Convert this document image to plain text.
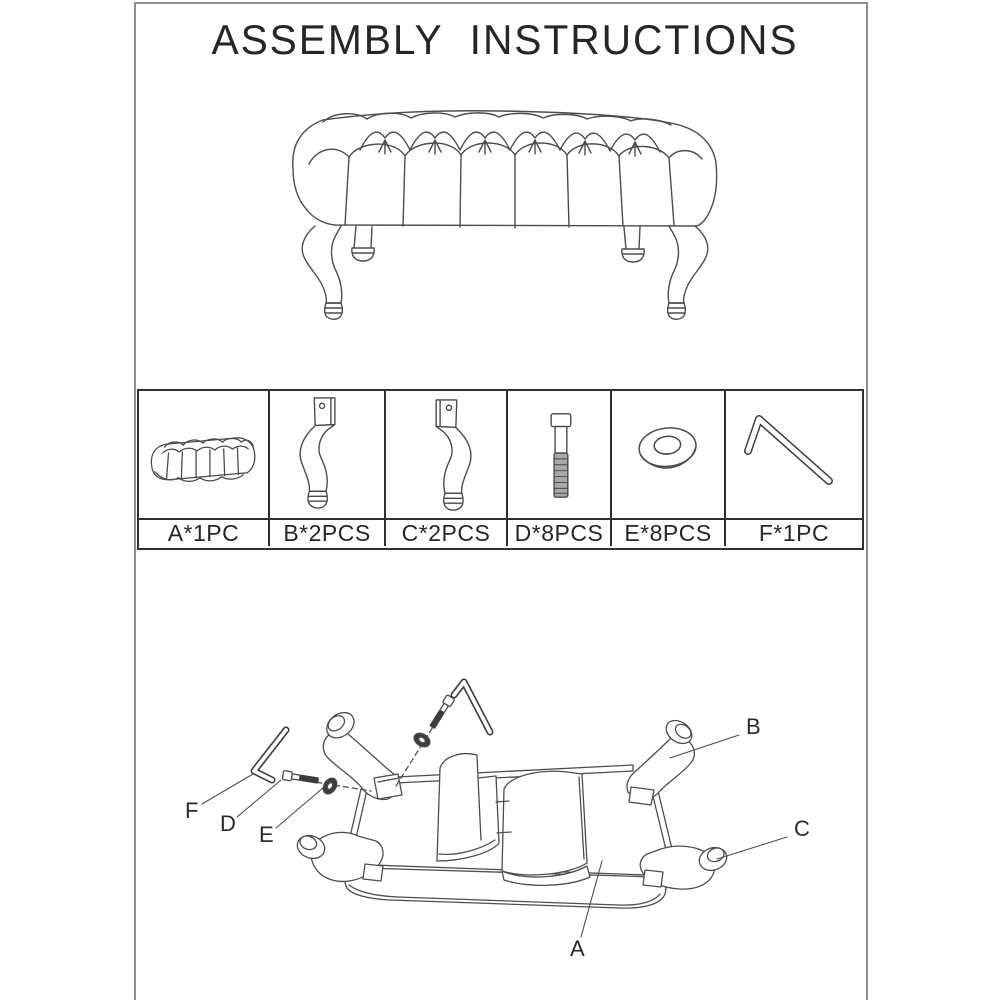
ASSEMBLY INSTRUCTIONS
A*1PC	B*2PCS	C*2PCS	D*8PCS E*8PCS	F*1PC
F
D E
B
C
A
